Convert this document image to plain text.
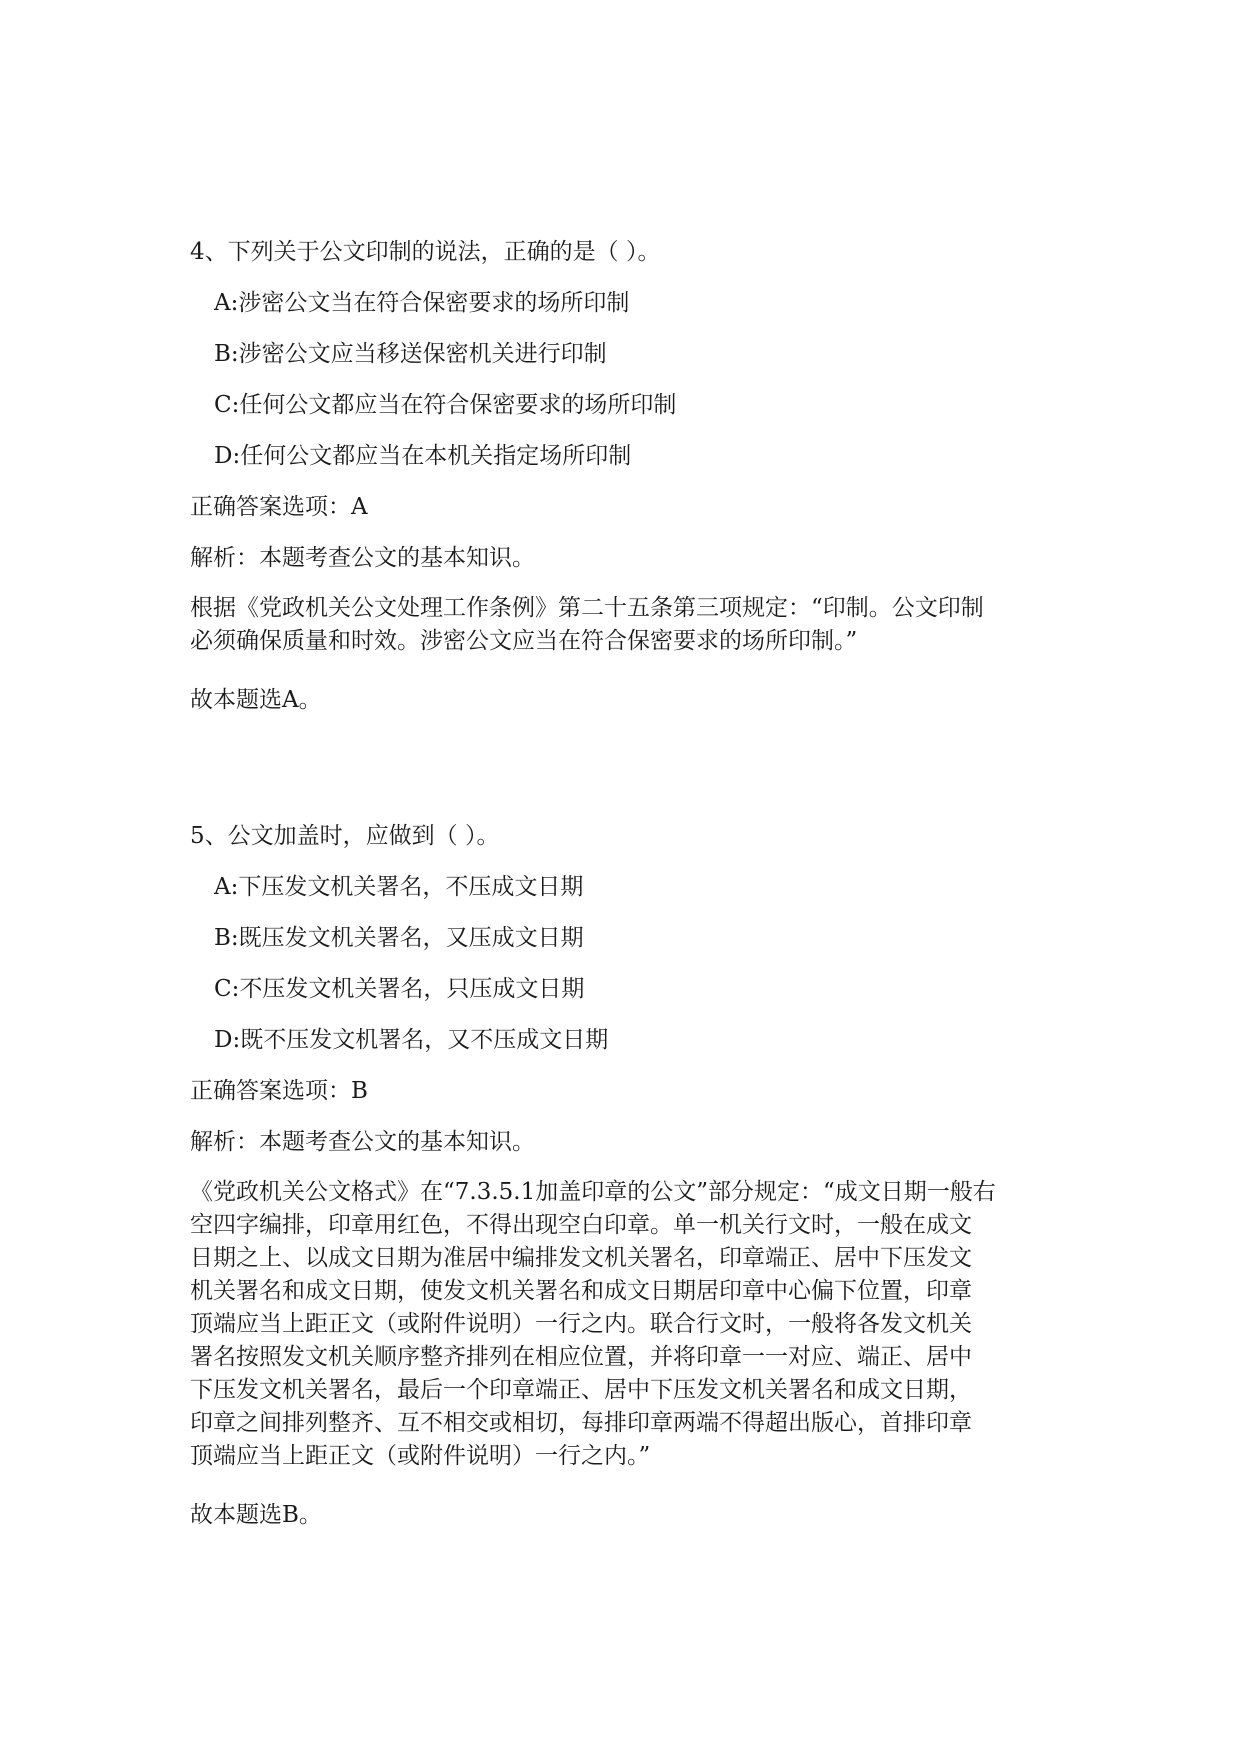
4、下列关于公文印制的说法，正确的是（ ）。
A:涉密公文当在符合保密要求的场所印制
B:涉密公文应当移送保密机关进行印制
C:任何公文都应当在符合保密要求的场所印制
D:任何公文都应当在本机关指定场所印制
正确答案选项：A
解析：本题考查公文的基本知识。
根据《党政机关公文处理工作条例》第二十五条第三项规定：“印制。公文印制
必须确保质量和时效。涉密公文应当在符合保密要求的场所印制。”
故本题选A。
5、公文加盖时，应做到（ ）。
A:下压发文机关署名，不压成文日期
B:既压发文机关署名，又压成文日期
C:不压发文机关署名，只压成文日期
D:既不压发文机署名，又不压成文日期
正确答案选项：B
解析：本题考查公文的基本知识。
《党政机关公文格式》在“7.3.5.1加盖印章的公文”部分规定：“成文日期一般右
空四字编排，印章用红色，不得出现空白印章。单一机关行文时，一般在成文
日期之上、以成文日期为准居中编排发文机关署名，印章端正、居中下压发文
机关署名和成文日期，使发文机关署名和成文日期居印章中心偏下位置，印章
顶端应当上距正文（或附件说明）一行之内。联合行文时，一般将各发文机关
署名按照发文机关顺序整齐排列在相应位置，并将印章一一对应、端正、居中
下压发文机关署名，最后一个印章端正、居中下压发文机关署名和成文日期，
印章之间排列整齐、互不相交或相切，每排印章两端不得超出版心，首排印章
顶端应当上距正文（或附件说明）一行之内。”
故本题选B。
